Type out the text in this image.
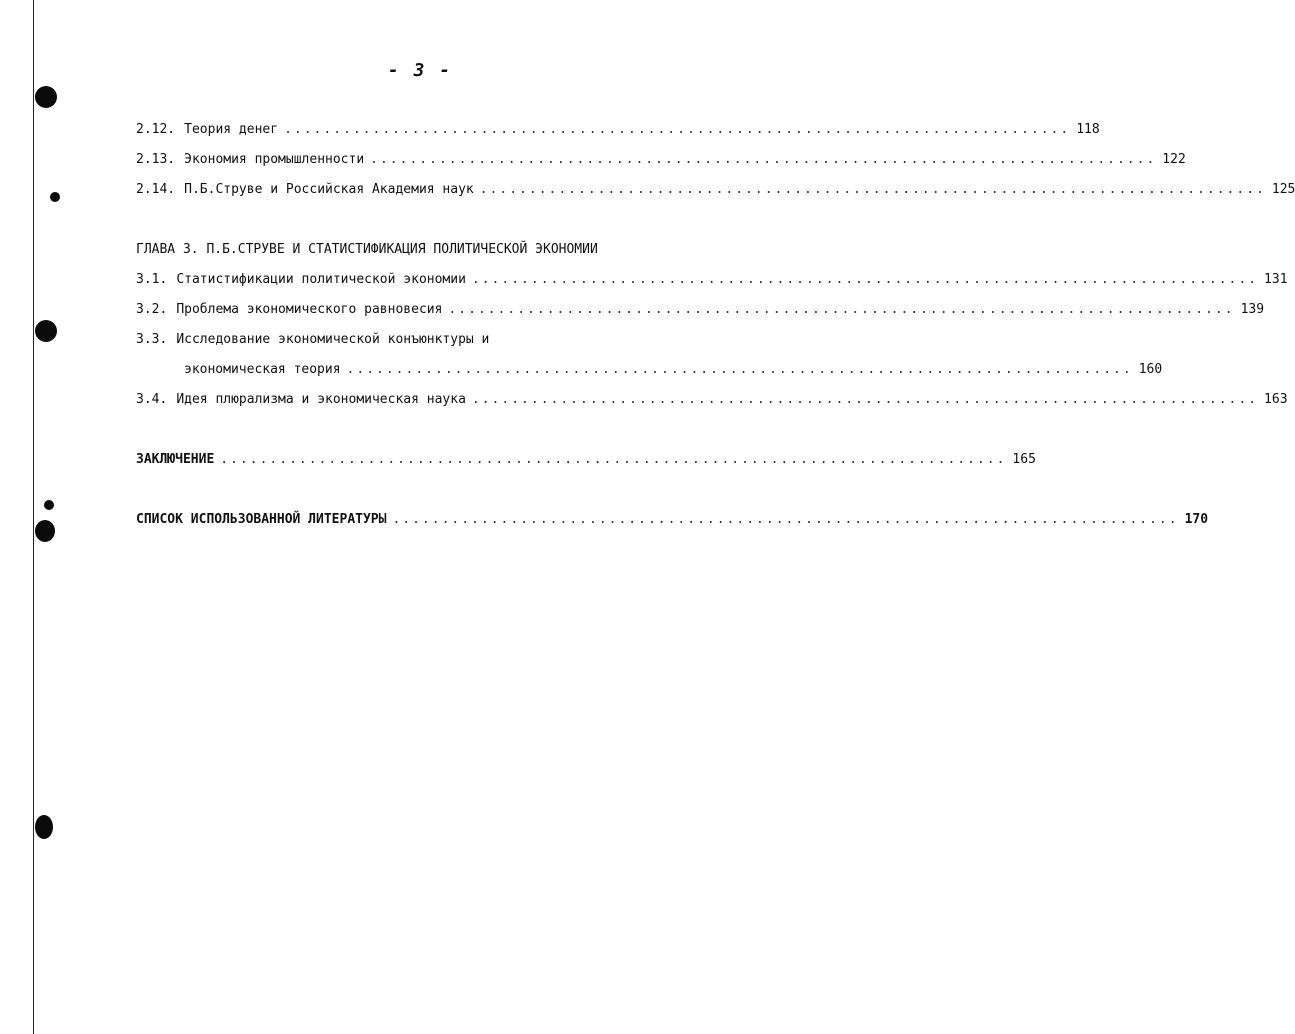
- 3 -
2.12. Теория денег ................................................................................ 118
2.13. Экономия промышленности ................................................................................ 122
2.14. П.Б.Струве и Российская Академия наук ................................................................................ 125
ГЛАВА 3. П.Б.СТРУВЕ И СТАТИСТИФИКАЦИЯ ПОЛИТИЧЕСКОЙ ЭКОНОМИИ
3.1. Статистификации политической экономии ................................................................................ 131
3.2. Проблема экономического равновесия ................................................................................ 139
3.3. Исследование экономической конъюнктуры и
экономическая теория ................................................................................ 160
3.4. Идея плюрализма и экономическая наука ................................................................................ 163
ЗАКЛЮЧЕНИЕ ................................................................................ 165
СПИСОК ИСПОЛЬЗОВАННОЙ ЛИТЕРАТУРЫ ................................................................................ 170
